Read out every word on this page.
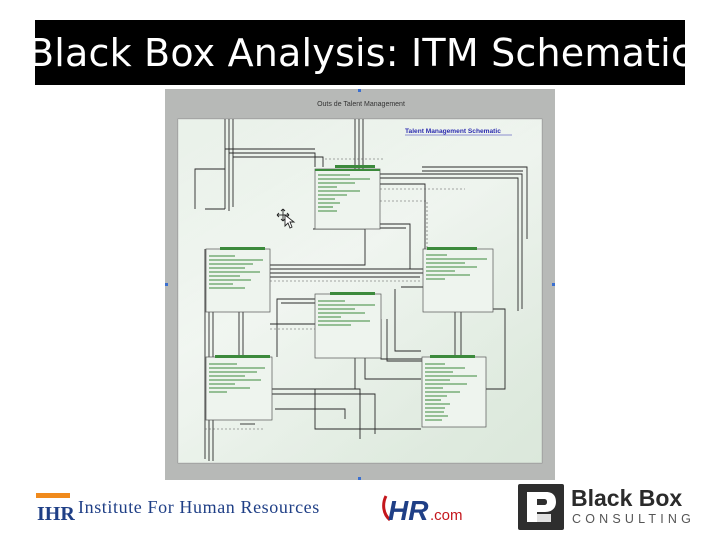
Black Box Analysis: ITM Schematic
Outs de Talent Management
Talent Management Schematic
IHR Institute For Human Resources HR .com
Black Box
CONSULTING
